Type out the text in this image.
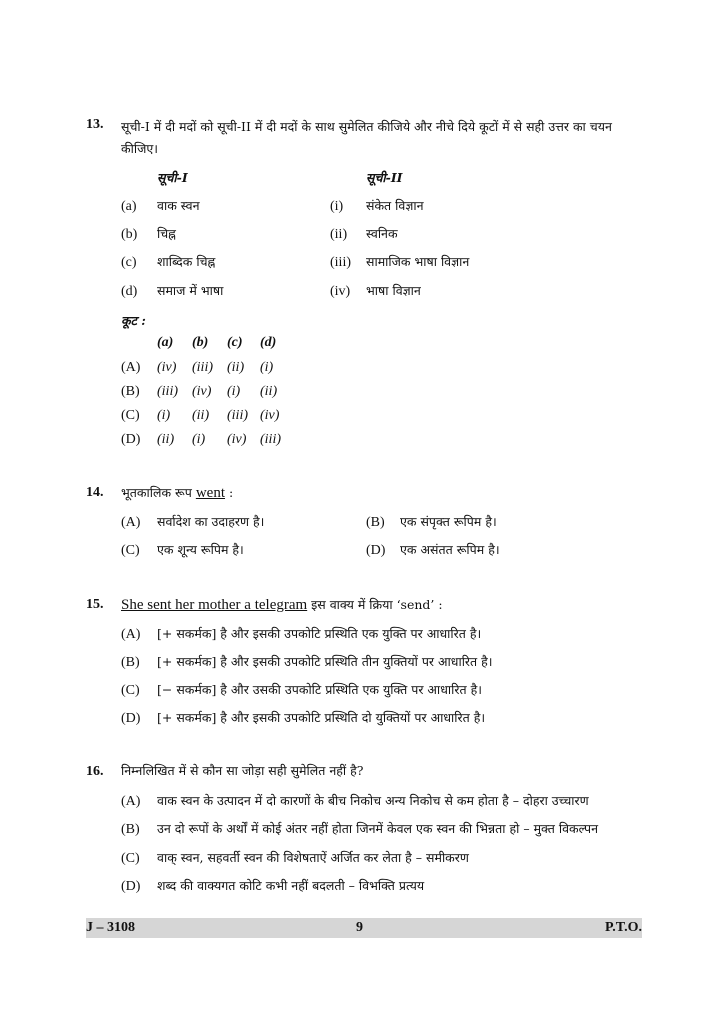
13. सूची-I में दी मदों को सूची-II में दी मदों के साथ सुमेलित कीजिये और नीचे दिये कूटों में से सही उत्तर का चयन
कीजिए।
सूची-I	सूची-II
(a) वाक स्वन	(i) संकेत विज्ञान
(b) चिह्न	(ii) स्वनिक
(c) शाब्दिक चिह्न	(iii) सामाजिक भाषा विज्ञान
(d) समाज में भाषा	(iv) भाषा विज्ञान
कूट :
(a) (b) (c) (d)
(A) (iv) (iii) (ii) (i)
(B) (iii) (iv) (i) (ii)
(C) (i) (ii) (iii) (iv)
(D) (ii) (i) (iv) (iii)
14. भूतकालिक रूप went :
(A) सर्वादेश का उदाहरण है।	(B) एक संपृक्त रूपिम है।
(C) एक शून्य रूपिम है।	(D) एक असंतत रूपिम है।
15. She sent her mother a telegram इस वाक्य में क्रिया ‘send’ :
(A) [+ सकर्मक] है और इसकी उपकोटि प्रस्थिति एक युक्ति पर आधारित है।
(B) [+ सकर्मक] है और इसकी उपकोटि प्रस्थिति तीन युक्तियों पर आधारित है।
(C) [− सकर्मक] है और उसकी उपकोटि प्रस्थिति एक युक्ति पर आधारित है।
(D) [+ सकर्मक] है और इसकी उपकोटि प्रस्थिति दो युक्तियों पर आधारित है।
16. निम्नलिखित में से कौन सा जोड़ा सही सुमेलित नहीं है?
(A) वाक स्वन के उत्पादन में दो कारणों के बीच निकोच अन्य निकोच से कम होता है – दोहरा उच्चारण
(B) उन दो रूपों के अर्थों में कोई अंतर नहीं होता जिनमें केवल एक स्वन की भिन्नता हो – मुक्त विकल्पन
(C) वाक् स्वन, सहवर्ती स्वन की विशेषताऐं अर्जित कर लेता है – समीकरण
(D) शब्द की वाक्यगत कोटि कभी नहीं बदलती – विभक्ति प्रत्यय
J – 3108	9	P.T.O.
